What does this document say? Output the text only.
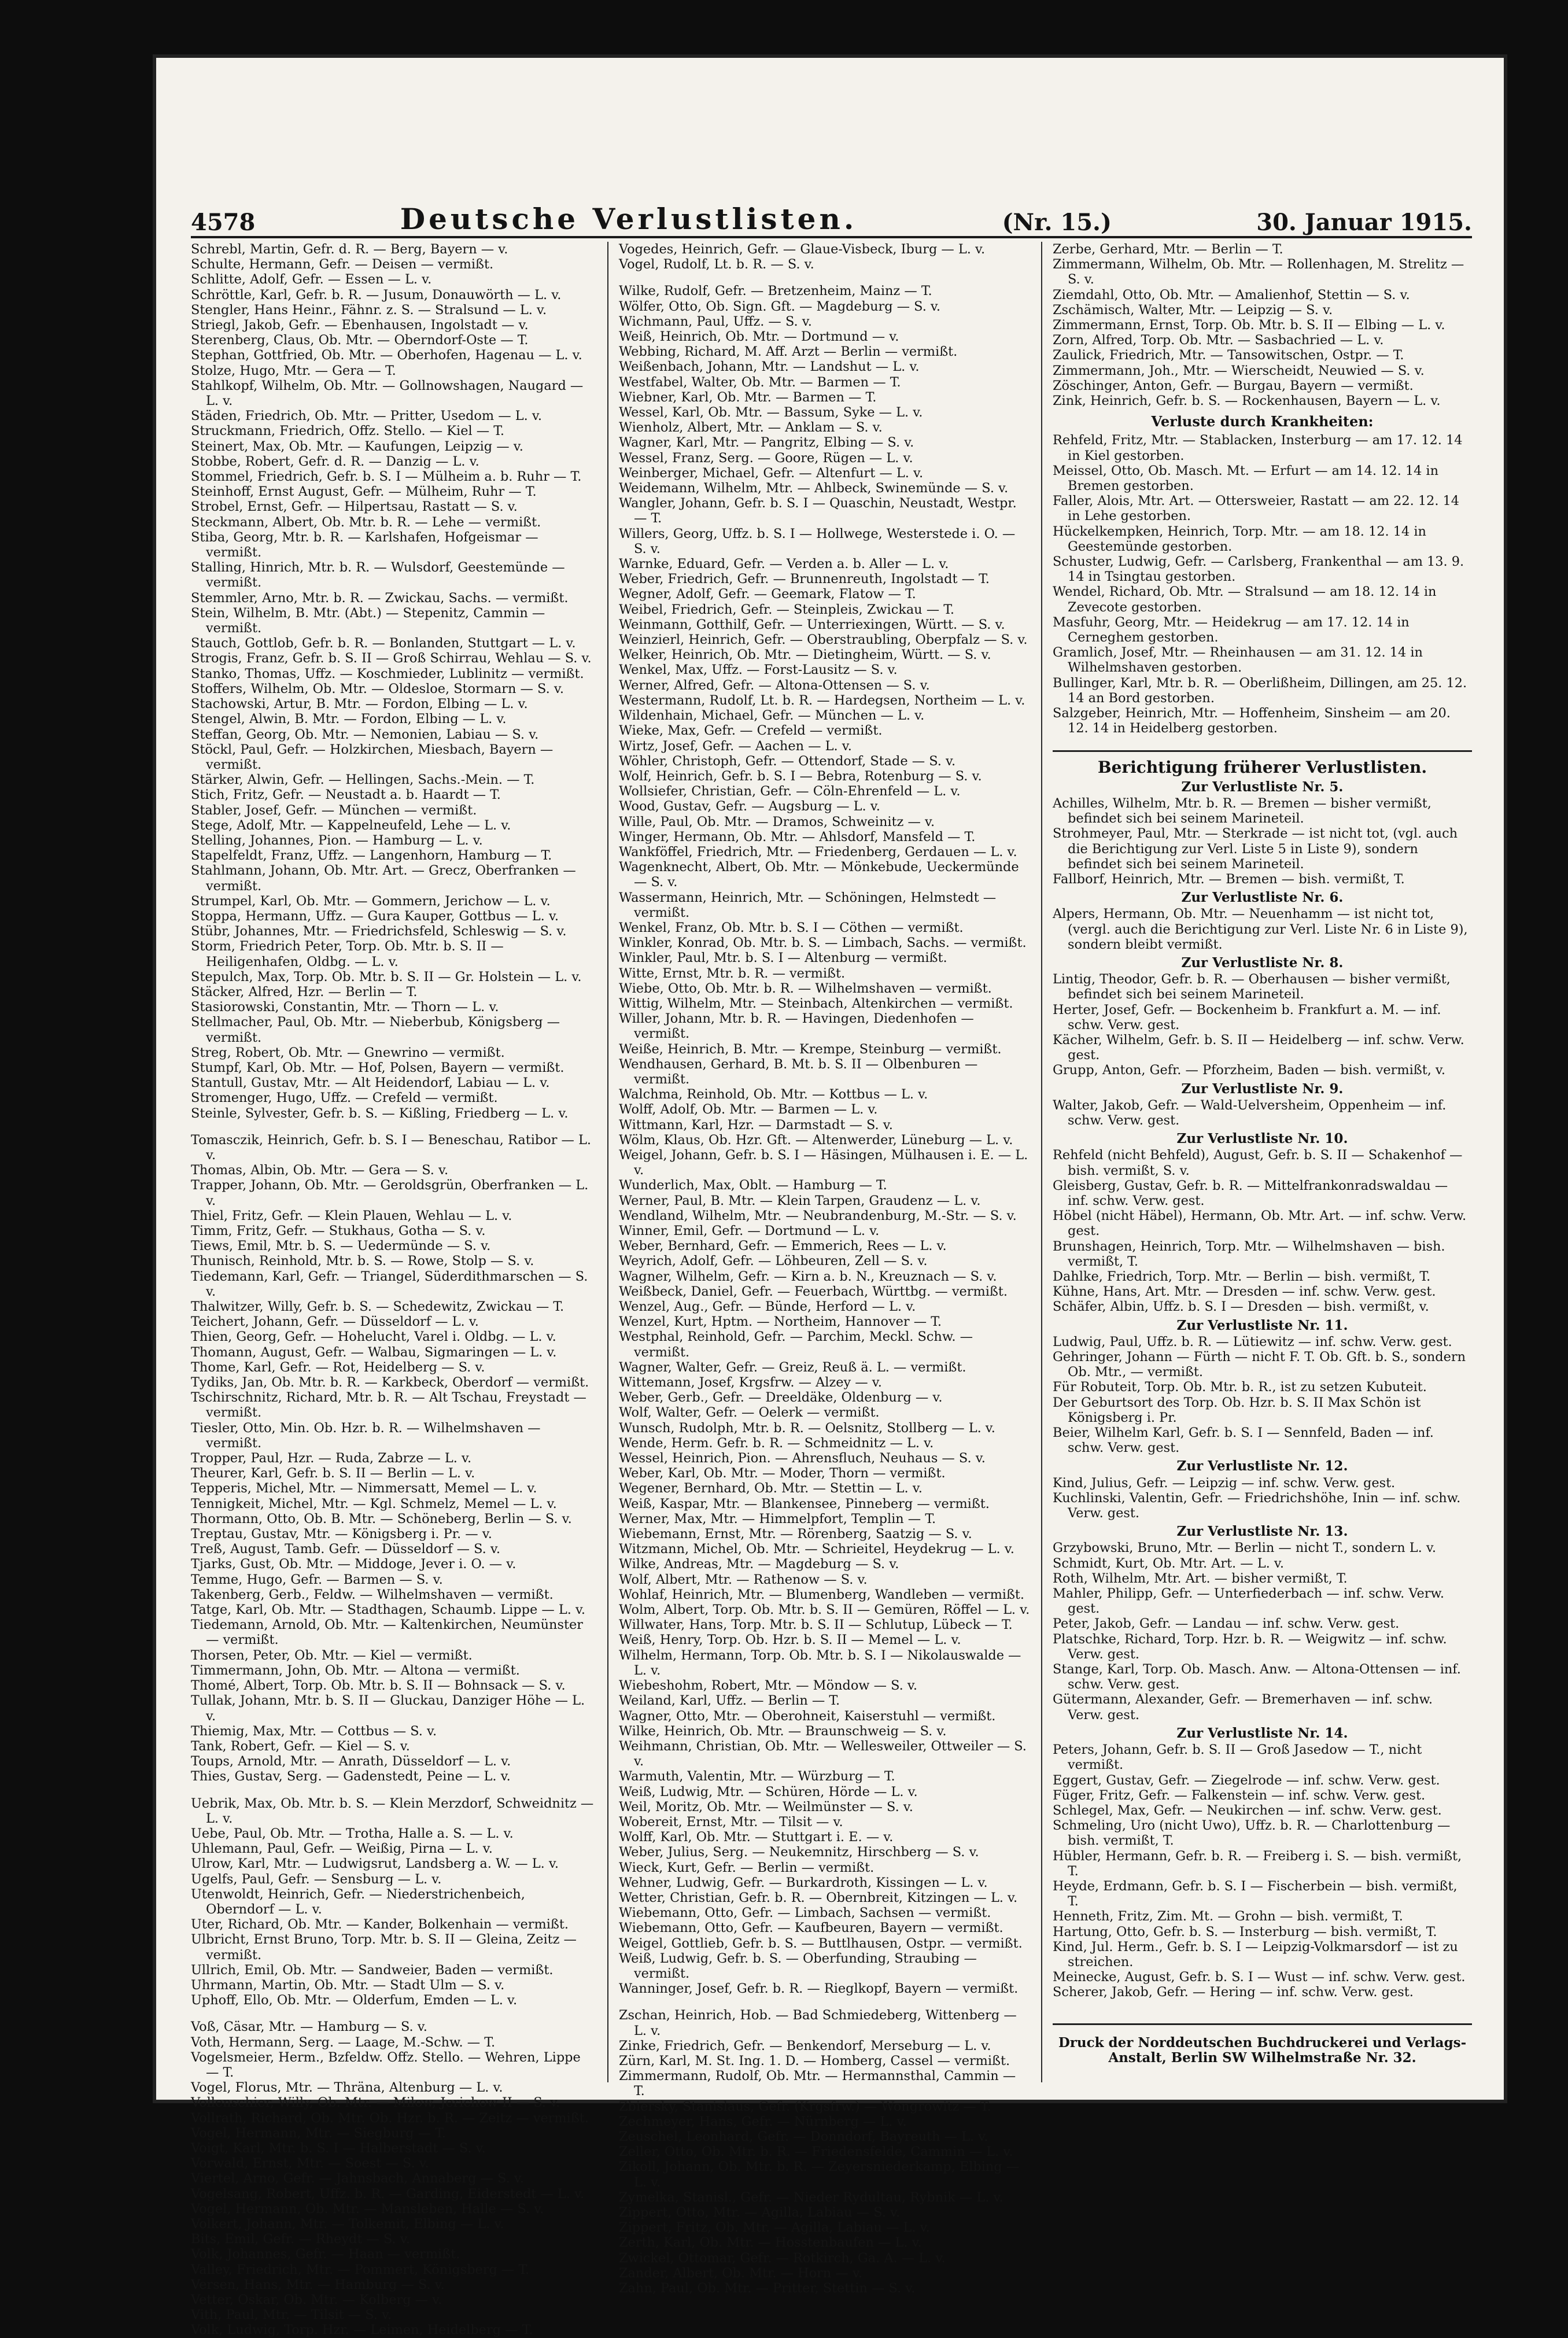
4578	Deutsche Verlustlisten.	(Nr. 15.)	30. Januar 1915.
Schrebl, Martin, Gefr. d. R. — Berg, Bayern — v.
Schulte, Hermann, Gefr. — Deisen — vermißt.
Schlitte, Adolf, Gefr. — Essen — L. v.
Schröttle, Karl, Gefr. b. R. — Jusum, Donauwörth — L. v.
Stengler, Hans Heinr., Fähnr. z. S. — Stralsund — L. v.
Striegl, Jakob, Gefr. — Ebenhausen, Ingolstadt — v.
Sterenberg, Claus, Ob. Mtr. — Oberndorf-Oste — T.
Stephan, Gottfried, Ob. Mtr. — Oberhofen, Hagenau — L. v.
Stolze, Hugo, Mtr. — Gera — T.
Stahlkopf, Wilhelm, Ob. Mtr. — Gollnowshagen, Naugard — L. v.
Städen, Friedrich, Ob. Mtr. — Pritter, Usedom — L. v.
Struckmann, Friedrich, Offz. Stello. — Kiel — T.
Steinert, Max, Ob. Mtr. — Kaufungen, Leipzig — v.
Stobbe, Robert, Gefr. d. R. — Danzig — L. v.
Stommel, Friedrich, Gefr. b. S. I — Mülheim a. b. Ruhr — T.
Steinhoff, Ernst August, Gefr. — Mülheim, Ruhr — T.
Strobel, Ernst, Gefr. — Hilpertsau, Rastatt — S. v.
Steckmann, Albert, Ob. Mtr. b. R. — Lehe — vermißt.
Stiba, Georg, Mtr. b. R. — Karlshafen, Hofgeismar — vermißt.
Stalling, Hinrich, Mtr. b. R. — Wulsdorf, Geestemünde — vermißt.
Stemmler, Arno, Mtr. b. R. — Zwickau, Sachs. — vermißt.
Stein, Wilhelm, B. Mtr. (Abt.) — Stepenitz, Cammin — vermißt.
Stauch, Gottlob, Gefr. b. R. — Bonlanden, Stuttgart — L. v.
Strogis, Franz, Gefr. b. S. II — Groß Schirrau, Wehlau — S. v.
Stanko, Thomas, Uffz. — Koschmieder, Lublinitz — vermißt.
Stoffers, Wilhelm, Ob. Mtr. — Oldesloe, Stormarn — S. v.
Stachowski, Artur, B. Mtr. — Fordon, Elbing — L. v.
Stengel, Alwin, B. Mtr. — Fordon, Elbing — L. v.
Steffan, Georg, Ob. Mtr. — Nemonien, Labiau — S. v.
Stöckl, Paul, Gefr. — Holzkirchen, Miesbach, Bayern — vermißt.
Stärker, Alwin, Gefr. — Hellingen, Sachs.-Mein. — T.
Stich, Fritz, Gefr. — Neustadt a. b. Haardt — T.
Stabler, Josef, Gefr. — München — vermißt.
Stege, Adolf, Mtr. — Kappelneufeld, Lehe — L. v.
Stelling, Johannes, Pion. — Hamburg — L. v.
Stapelfeldt, Franz, Uffz. — Langenhorn, Hamburg — T.
Stahlmann, Johann, Ob. Mtr. Art. — Grecz, Oberfranken — vermißt.
Strumpel, Karl, Ob. Mtr. — Gommern, Jerichow — L. v.
Stoppa, Hermann, Uffz. — Gura Kauper, Gottbus — L. v.
Stübr, Johannes, Mtr. — Friedrichsfeld, Schleswig — S. v.
Storm, Friedrich Peter, Torp. Ob. Mtr. b. S. II — Heiligenhafen, Oldbg. — L. v.
Stepulch, Max, Torp. Ob. Mtr. b. S. II — Gr. Holstein — L. v.
Stäcker, Alfred, Hzr. — Berlin — T.
Stasiorowski, Constantin, Mtr. — Thorn — L. v.
Stellmacher, Paul, Ob. Mtr. — Nieberbub, Königsberg — vermißt.
Streg, Robert, Ob. Mtr. — Gnewrino — vermißt.
Stumpf, Karl, Ob. Mtr. — Hof, Polsen, Bayern — vermißt.
Stantull, Gustav, Mtr. — Alt Heidendorf, Labiau — L. v.
Stromenger, Hugo, Uffz. — Crefeld — vermißt.
Steinle, Sylvester, Gefr. b. S. — Kißling, Friedberg — L. v.
Tomasczik, Heinrich, Gefr. b. S. I — Beneschau, Ratibor — L. v.
Thomas, Albin, Ob. Mtr. — Gera — S. v.
Trapper, Johann, Ob. Mtr. — Geroldsgrün, Oberfranken — L. v.
Thiel, Fritz, Gefr. — Klein Plauen, Wehlau — L. v.
Timm, Fritz, Gefr. — Stukhaus, Gotha — S. v.
Tiews, Emil, Mtr. b. S. — Uedermünde — S. v.
Thunisch, Reinhold, Mtr. b. S. — Rowe, Stolp — S. v.
Tiedemann, Karl, Gefr. — Triangel, Süderdithmarschen — S. v.
Thalwitzer, Willy, Gefr. b. S. — Schedewitz, Zwickau — T.
Teichert, Johann, Gefr. — Düsseldorf — L. v.
Thien, Georg, Gefr. — Hohelucht, Varel i. Oldbg. — L. v.
Thomann, August, Gefr. — Walbau, Sigmaringen — L. v.
Thome, Karl, Gefr. — Rot, Heidelberg — S. v.
Tydiks, Jan, Ob. Mtr. b. R. — Karkbeck, Oberdorf — vermißt.
Tschirschnitz, Richard, Mtr. b. R. — Alt Tschau, Freystadt — vermißt.
Tiesler, Otto, Min. Ob. Hzr. b. R. — Wilhelmshaven — vermißt.
Tropper, Paul, Hzr. — Ruda, Zabrze — L. v.
Theurer, Karl, Gefr. b. S. II — Berlin — L. v.
Tepperis, Michel, Mtr. — Nimmersatt, Memel — L. v.
Tennigkeit, Michel, Mtr. — Kgl. Schmelz, Memel — L. v.
Thormann, Otto, Ob. B. Mtr. — Schöneberg, Berlin — S. v.
Treptau, Gustav, Mtr. — Königsberg i. Pr. — v.
Treß, August, Tamb. Gefr. — Düsseldorf — S. v.
Tjarks, Gust, Ob. Mtr. — Middoge, Jever i. O. — v.
Temme, Hugo, Gefr. — Barmen — S. v.
Takenberg, Gerb., Feldw. — Wilhelmshaven — vermißt.
Tatge, Karl, Ob. Mtr. — Stadthagen, Schaumb. Lippe — L. v.
Tiedemann, Arnold, Ob. Mtr. — Kaltenkirchen, Neumünster — vermißt.
Thorsen, Peter, Ob. Mtr. — Kiel — vermißt.
Timmermann, John, Ob. Mtr. — Altona — vermißt.
Thomé, Albert, Torp. Ob. Mtr. b. S. II — Bohnsack — S. v.
Tullak, Johann, Mtr. b. S. II — Gluckau, Danziger Höhe — L. v.
Thiemig, Max, Mtr. — Cottbus — S. v.
Tank, Robert, Gefr. — Kiel — S. v.
Toups, Arnold, Mtr. — Anrath, Düsseldorf — L. v.
Thies, Gustav, Serg. — Gadenstedt, Peine — L. v.
Uebrik, Max, Ob. Mtr. b. S. — Klein Merzdorf, Schweidnitz — L. v.
Uebe, Paul, Ob. Mtr. — Trotha, Halle a. S. — L. v.
Uhlemann, Paul, Gefr. — Weißig, Pirna — L. v.
Ulrow, Karl, Mtr. — Ludwigsrut, Landsberg a. W. — L. v.
Ugelfs, Paul, Gefr. — Sensburg — L. v.
Utenwoldt, Heinrich, Gefr. — Niederstrichenbeich, Oberndorf — L. v.
Uter, Richard, Ob. Mtr. — Kander, Bolkenhain — vermißt.
Ulbricht, Ernst Bruno, Torp. Mtr. b. S. II — Gleina, Zeitz — vermißt.
Ullrich, Emil, Ob. Mtr. — Sandweier, Baden — vermißt.
Uhrmann, Martin, Ob. Mtr. — Stadt Ulm — S. v.
Uphoff, Ello, Ob. Mtr. — Olderfum, Emden — L. v.
Voß, Cäsar, Mtr. — Hamburg — S. v.
Voth, Hermann, Serg. — Laage, M.-Schw. — T.
Vogelsmeier, Herm., Bzfeldw. Offz. Stello. — Wehren, Lippe — T.
Vogel, Florus, Mtr. — Thräna, Altenburg — L. v.
Vollenschier, Willy, Ob. Mtr. — Milow, Jerichow II — S. v.
Vollrath, Richard, Ob. Mtr. Ob. Hzr. b. R. — Zeitz — vermißt.
Vogel, Hermann, Mtr. — Siegburg — T.
Voigt, Karl, Mtr. b. S. I — Halberstadt — S. v.
Vorwald, Ernst, Mtr. — Soest — S. v.
Viertel, Arno, Gefr. — Jahnsbach, Annaberg — S. v.
Vogelsang, Robert, Uffz. b. R. — Garding, Eiderstedt — L. v.
Vogel, Hermann, Ob. Mtr. — Mansleben, Halle — S. v.
Volkert, Johann, Mtr. — Tolkemit, Elbing — L. v.
Bits, Emil, Gefr. — Rheydt — S. v.
Volk, Johannes, Gefr. — Haan — vermißt.
Valley, Friedrich, Mtr. — Pommert, Königsberg — T.
Versen, Hans, Mtr. — Hamburg — S. v.
Vetter, Oskar, Ob. Mtr. — Kolberg — v.
Vith, Paul, Mtr. — Tilsit — S. v.
Volk, Ludwig, Torp. Hzr. — Leimen, Heidelberg — T.
Vogedes, Heinrich, Gefr. — Glaue-Visbeck, Iburg — L. v.
Vogel, Rudolf, Lt. b. R. — S. v.
Wilke, Rudolf, Gefr. — Bretzenheim, Mainz — T.
Wölfer, Otto, Ob. Sign. Gft. — Magdeburg — S. v.
Wichmann, Paul, Uffz. — S. v.
Weiß, Heinrich, Ob. Mtr. — Dortmund — v.
Webbing, Richard, M. Aff. Arzt — Berlin — vermißt.
Weißenbach, Johann, Mtr. — Landshut — L. v.
Westfabel, Walter, Ob. Mtr. — Barmen — T.
Wiebner, Karl, Ob. Mtr. — Barmen — T.
Wessel, Karl, Ob. Mtr. — Bassum, Syke — L. v.
Wienholz, Albert, Mtr. — Anklam — S. v.
Wagner, Karl, Mtr. — Pangritz, Elbing — S. v.
Wessel, Franz, Serg. — Goore, Rügen — L. v.
Weinberger, Michael, Gefr. — Altenfurt — L. v.
Weidemann, Wilhelm, Mtr. — Ahlbeck, Swinemünde — S. v.
Wangler, Johann, Gefr. b. S. I — Quaschin, Neustadt, Westpr. — T.
Willers, Georg, Uffz. b. S. I — Hollwege, Westerstede i. O. — S. v.
Warnke, Eduard, Gefr. — Verden a. b. Aller — L. v.
Weber, Friedrich, Gefr. — Brunnenreuth, Ingolstadt — T.
Wegner, Adolf, Gefr. — Geemark, Flatow — T.
Weibel, Friedrich, Gefr. — Steinpleis, Zwickau — T.
Weinmann, Gotthilf, Gefr. — Unterriexingen, Württ. — S. v.
Weinzierl, Heinrich, Gefr. — Oberstraubling, Oberpfalz — S. v.
Welker, Heinrich, Ob. Mtr. — Dietingheim, Württ. — S. v.
Wenkel, Max, Uffz. — Forst-Lausitz — S. v.
Werner, Alfred, Gefr. — Altona-Ottensen — S. v.
Westermann, Rudolf, Lt. b. R. — Hardegsen, Northeim — L. v.
Wildenhain, Michael, Gefr. — München — L. v.
Wieke, Max, Gefr. — Crefeld — vermißt.
Wirtz, Josef, Gefr. — Aachen — L. v.
Wöhler, Christoph, Gefr. — Ottendorf, Stade — S. v.
Wolf, Heinrich, Gefr. b. S. I — Bebra, Rotenburg — S. v.
Wollsiefer, Christian, Gefr. — Cöln-Ehrenfeld — L. v.
Wood, Gustav, Gefr. — Augsburg — L. v.
Wille, Paul, Ob. Mtr. — Dramos, Schweinitz — v.
Winger, Hermann, Ob. Mtr. — Ahlsdorf, Mansfeld — T.
Wankföffel, Friedrich, Mtr. — Friedenberg, Gerdauen — L. v.
Wagenknecht, Albert, Ob. Mtr. — Mönkebude, Ueckermünde — S. v.
Wassermann, Heinrich, Mtr. — Schöningen, Helmstedt — vermißt.
Wenkel, Franz, Ob. Mtr. b. S. I — Cöthen — vermißt.
Winkler, Konrad, Ob. Mtr. b. S. — Limbach, Sachs. — vermißt.
Winkler, Paul, Mtr. b. S. I — Altenburg — vermißt.
Witte, Ernst, Mtr. b. R. — vermißt.
Wiebe, Otto, Ob. Mtr. b. R. — Wilhelmshaven — vermißt.
Wittig, Wilhelm, Mtr. — Steinbach, Altenkirchen — vermißt.
Willer, Johann, Mtr. b. R. — Havingen, Diedenhofen — vermißt.
Weiße, Heinrich, B. Mtr. — Krempe, Steinburg — vermißt.
Wendhausen, Gerhard, B. Mt. b. S. II — Olbenburen — vermißt.
Walchma, Reinhold, Ob. Mtr. — Kottbus — L. v.
Wolff, Adolf, Ob. Mtr. — Barmen — L. v.
Wittmann, Karl, Hzr. — Darmstadt — S. v.
Wölm, Klaus, Ob. Hzr. Gft. — Altenwerder, Lüneburg — L. v.
Weigel, Johann, Gefr. b. S. I — Häsingen, Mülhausen i. E. — L. v.
Wunderlich, Max, Oblt. — Hamburg — T.
Werner, Paul, B. Mtr. — Klein Tarpen, Graudenz — L. v.
Wendland, Wilhelm, Mtr. — Neubrandenburg, M.-Str. — S. v.
Winner, Emil, Gefr. — Dortmund — L. v.
Weber, Bernhard, Gefr. — Emmerich, Rees — L. v.
Weyrich, Adolf, Gefr. — Löhbeuren, Zell — S. v.
Wagner, Wilhelm, Gefr. — Kirn a. b. N., Kreuznach — S. v.
Weißbeck, Daniel, Gefr. — Feuerbach, Württbg. — vermißt.
Wenzel, Aug., Gefr. — Bünde, Herford — L. v.
Wenzel, Kurt, Hptm. — Northeim, Hannover — T.
Westphal, Reinhold, Gefr. — Parchim, Meckl. Schw. — vermißt.
Wagner, Walter, Gefr. — Greiz, Reuß ä. L. — vermißt.
Wittemann, Josef, Krgsfrw. — Alzey — v.
Weber, Gerb., Gefr. — Dreeldäke, Oldenburg — v.
Wolf, Walter, Gefr. — Oelerk — vermißt.
Wunsch, Rudolph, Mtr. b. R. — Oelsnitz, Stollberg — L. v.
Wende, Herm. Gefr. b. R. — Schmeidnitz — L. v.
Wessel, Heinrich, Pion. — Ahrensfluch, Neuhaus — S. v.
Weber, Karl, Ob. Mtr. — Moder, Thorn — vermißt.
Wegener, Bernhard, Ob. Mtr. — Stettin — L. v.
Weiß, Kaspar, Mtr. — Blankensee, Pinneberg — vermißt.
Werner, Max, Mtr. — Himmelpfort, Templin — T.
Wiebemann, Ernst, Mtr. — Rörenberg, Saatzig — S. v.
Witzmann, Michel, Ob. Mtr. — Schrieitel, Heydekrug — L. v.
Wilke, Andreas, Mtr. — Magdeburg — S. v.
Wolf, Albert, Mtr. — Rathenow — S. v.
Wohlaf, Heinrich, Mtr. — Blumenberg, Wandleben — vermißt.
Wolm, Albert, Torp. Ob. Mtr. b. S. II — Gemüren, Röffel — L. v.
Willwater, Hans, Torp. Mtr. b. S. II — Schlutup, Lübeck — T.
Weiß, Henry, Torp. Ob. Hzr. b. S. II — Memel — L. v.
Wilhelm, Hermann, Torp. Ob. Mtr. b. S. I — Nikolauswalde — L. v.
Wiebeshohm, Robert, Mtr. — Möndow — S. v.
Weiland, Karl, Uffz. — Berlin — T.
Wagner, Otto, Mtr. — Oberohneit, Kaiserstuhl — vermißt.
Wilke, Heinrich, Ob. Mtr. — Braunschweig — S. v.
Weihmann, Christian, Ob. Mtr. — Wellesweiler, Ottweiler — S. v.
Warmuth, Valentin, Mtr. — Würzburg — T.
Weiß, Ludwig, Mtr. — Schüren, Hörde — L. v.
Weil, Moritz, Ob. Mtr. — Weilmünster — S. v.
Wobereit, Ernst, Mtr. — Tilsit — v.
Wolff, Karl, Ob. Mtr. — Stuttgart i. E. — v.
Weber, Julius, Serg. — Neukemnitz, Hirschberg — S. v.
Wieck, Kurt, Gefr. — Berlin — vermißt.
Wehner, Ludwig, Gefr. — Burkardroth, Kissingen — L. v.
Wetter, Christian, Gefr. b. R. — Obernbreit, Kitzingen — L. v.
Wiebemann, Otto, Gefr. — Limbach, Sachsen — vermißt.
Wiebemann, Otto, Gefr. — Kaufbeuren, Bayern — vermißt.
Weigel, Gottlieb, Gefr. b. S. — Buttlhausen, Ostpr. — vermißt.
Weiß, Ludwig, Gefr. b. S. — Oberfunding, Straubing — vermißt.
Wanninger, Josef, Gefr. b. R. — Rieglkopf, Bayern — vermißt.
Zschan, Heinrich, Hob. — Bad Schmiedeberg, Wittenberg — L. v.
Zinke, Friedrich, Gefr. — Benkendorf, Merseburg — L. v.
Zürn, Karl, M. St. Ing. 1. D. — Homberg, Cassel — vermißt.
Zimmermann, Rudolf, Ob. Mtr. — Hermannsthal, Cammin — T.
Zbiersky, Stanislaus, Gefr. (Krgsfrw.) — Wongrowitz — T.
Zechmeyer, Hans, Gefr. — Nürnberg — L. v.
Zeuschel, Leonhard, Gefr. — Donndorf, Bayreuth — L. v.
Zeller, Otto, Ob. Mtr. b. R. — Friedensfelde, Cammin — L. v.
Zikoll, Johann, Ob. Mtr. b. R. — Zeyersniederkamp, Elbing — L. v.
Zymelka, Stanisl., Gefr. — Nieder Rydultau, Rybnik — L. v.
Zippert, Otto, Mtr. — Agilla, Labiau — S. v.
Zippert, Fritz, Ob. Mtr. — Agilla, Labiau — L. v.
Zerth, Karl, Ob. Mtr. — Hosstenbaufen — L. v.
Zwickel, Ottomar, Gefr. — Rotkirch, Ga. A. — L. v.
Zander, Albert, Ob. Mtr. — Horn — v.
Zahn, Paul, Ob. Mtr. — Pritter, Stettin — S. v.
Zerbe, Gerhard, Mtr. — Berlin — T.
Zimmermann, Wilhelm, Ob. Mtr. — Rollenhagen, M. Strelitz — S. v.
Ziemdahl, Otto, Ob. Mtr. — Amalienhof, Stettin — S. v.
Zschämisch, Walter, Mtr. — Leipzig — S. v.
Zimmermann, Ernst, Torp. Ob. Mtr. b. S. II — Elbing — L. v.
Zorn, Alfred, Torp. Ob. Mtr. — Sasbachried — L. v.
Zaulick, Friedrich, Mtr. — Tansowitschen, Ostpr. — T.
Zimmermann, Joh., Mtr. — Wierscheidt, Neuwied — S. v.
Zöschinger, Anton, Gefr. — Burgau, Bayern — vermißt.
Zink, Heinrich, Gefr. b. S. — Rockenhausen, Bayern — L. v.
Verluste durch Krankheiten:
Rehfeld, Fritz, Mtr. — Stablacken, Insterburg — am 17. 12. 14 in Kiel gestorben.
Meissel, Otto, Ob. Masch. Mt. — Erfurt — am 14. 12. 14 in Bremen gestorben.
Faller, Alois, Mtr. Art. — Ottersweier, Rastatt — am 22. 12. 14 in Lehe gestorben.
Hückelkempken, Heinrich, Torp. Mtr. — am 18. 12. 14 in Geestemünde gestorben.
Schuster, Ludwig, Gefr. — Carlsberg, Frankenthal — am 13. 9. 14 in Tsingtau gestorben.
Wendel, Richard, Ob. Mtr. — Stralsund — am 18. 12. 14 in Zevecote gestorben.
Masfuhr, Georg, Mtr. — Heidekrug — am 17. 12. 14 in Cerneghem gestorben.
Gramlich, Josef, Mtr. — Rheinhausen — am 31. 12. 14 in Wilhelmshaven gestorben.
Bullinger, Karl, Mtr. b. R. — Oberlißheim, Dillingen, am 25. 12. 14 an Bord gestorben.
Salzgeber, Heinrich, Mtr. — Hoffenheim, Sinsheim — am 20. 12. 14 in Heidelberg gestorben.
Berichtigung früherer Verlustlisten.
Zur Verlustliste Nr. 5.
Achilles, Wilhelm, Mtr. b. R. — Bremen — bisher vermißt, befindet sich bei seinem Marineteil.
Strohmeyer, Paul, Mtr. — Sterkrade — ist nicht tot, (vgl. auch die Berichtigung zur Verl. Liste 5 in Liste 9), sondern befindet sich bei seinem Marineteil.
Fallborf, Heinrich, Mtr. — Bremen — bish. vermißt, T.
Zur Verlustliste Nr. 6.
Alpers, Hermann, Ob. Mtr. — Neuenhamm — ist nicht tot, (vergl. auch die Berichtigung zur Verl. Liste Nr. 6 in Liste 9), sondern bleibt vermißt.
Zur Verlustliste Nr. 8.
Lintig, Theodor, Gefr. b. R. — Oberhausen — bisher vermißt, befindet sich bei seinem Marineteil.
Herter, Josef, Gefr. — Bockenheim b. Frankfurt a. M. — inf. schw. Verw. gest.
Kächer, Wilhelm, Gefr. b. S. II — Heidelberg — inf. schw. Verw. gest.
Grupp, Anton, Gefr. — Pforzheim, Baden — bish. vermißt, v.
Zur Verlustliste Nr. 9.
Walter, Jakob, Gefr. — Wald-Uelversheim, Oppenheim — inf. schw. Verw. gest.
Zur Verlustliste Nr. 10.
Rehfeld (nicht Behfeld), August, Gefr. b. S. II — Schakenhof — bish. vermißt, S. v.
Gleisberg, Gustav, Gefr. b. R. — Mittelfrankonradswaldau — inf. schw. Verw. gest.
Höbel (nicht Häbel), Hermann, Ob. Mtr. Art. — inf. schw. Verw. gest.
Brunshagen, Heinrich, Torp. Mtr. — Wilhelmshaven — bish. vermißt, T.
Dahlke, Friedrich, Torp. Mtr. — Berlin — bish. vermißt, T.
Kühne, Hans, Art. Mtr. — Dresden — inf. schw. Verw. gest.
Schäfer, Albin, Uffz. b. S. I — Dresden — bish. vermißt, v.
Zur Verlustliste Nr. 11.
Ludwig, Paul, Uffz. b. R. — Lütiewitz — inf. schw. Verw. gest.
Gehringer, Johann — Fürth — nicht F. T. Ob. Gft. b. S., sondern Ob. Mtr., — vermißt.
Für Robuteit, Torp. Ob. Mtr. b. R., ist zu setzen Kubuteit.
Der Geburtsort des Torp. Ob. Hzr. b. S. II Max Schön ist Königsberg i. Pr.
Beier, Wilhelm Karl, Gefr. b. S. I — Sennfeld, Baden — inf. schw. Verw. gest.
Zur Verlustliste Nr. 12.
Kind, Julius, Gefr. — Leipzig — inf. schw. Verw. gest.
Kuchlinski, Valentin, Gefr. — Friedrichshöhe, Inin — inf. schw. Verw. gest.
Zur Verlustliste Nr. 13.
Grzybowski, Bruno, Mtr. — Berlin — nicht T., sondern L. v.
Schmidt, Kurt, Ob. Mtr. Art. — L. v.
Roth, Wilhelm, Mtr. Art. — bisher vermißt, T.
Mahler, Philipp, Gefr. — Unterfiederbach — inf. schw. Verw. gest.
Peter, Jakob, Gefr. — Landau — inf. schw. Verw. gest.
Platschke, Richard, Torp. Hzr. b. R. — Weigwitz — inf. schw. Verw. gest.
Stange, Karl, Torp. Ob. Masch. Anw. — Altona-Ottensen — inf. schw. Verw. gest.
Gütermann, Alexander, Gefr. — Bremerhaven — inf. schw. Verw. gest.
Zur Verlustliste Nr. 14.
Peters, Johann, Gefr. b. S. II — Groß Jasedow — T., nicht vermißt.
Eggert, Gustav, Gefr. — Ziegelrode — inf. schw. Verw. gest.
Füger, Fritz, Gefr. — Falkenstein — inf. schw. Verw. gest.
Schlegel, Max, Gefr. — Neukirchen — inf. schw. Verw. gest.
Schmeling, Uro (nicht Uwo), Uffz. b. R. — Charlottenburg — bish. vermißt, T.
Hübler, Hermann, Gefr. b. R. — Freiberg i. S. — bish. vermißt, T.
Heyde, Erdmann, Gefr. b. S. I — Fischerbein — bish. vermißt, T.
Henneth, Fritz, Zim. Mt. — Grohn — bish. vermißt, T.
Hartung, Otto, Gefr. b. S. — Insterburg — bish. vermißt, T.
Kind, Jul. Herm., Gefr. b. S. I — Leipzig-Volkmarsdorf — ist zu streichen.
Meinecke, August, Gefr. b. S. I — Wust — inf. schw. Verw. gest.
Scherer, Jakob, Gefr. — Hering — inf. schw. Verw. gest.
Druck der Norddeutschen Buchdruckerei und Verlags-Anstalt, Berlin SW Wilhelmstraße Nr. 32.
